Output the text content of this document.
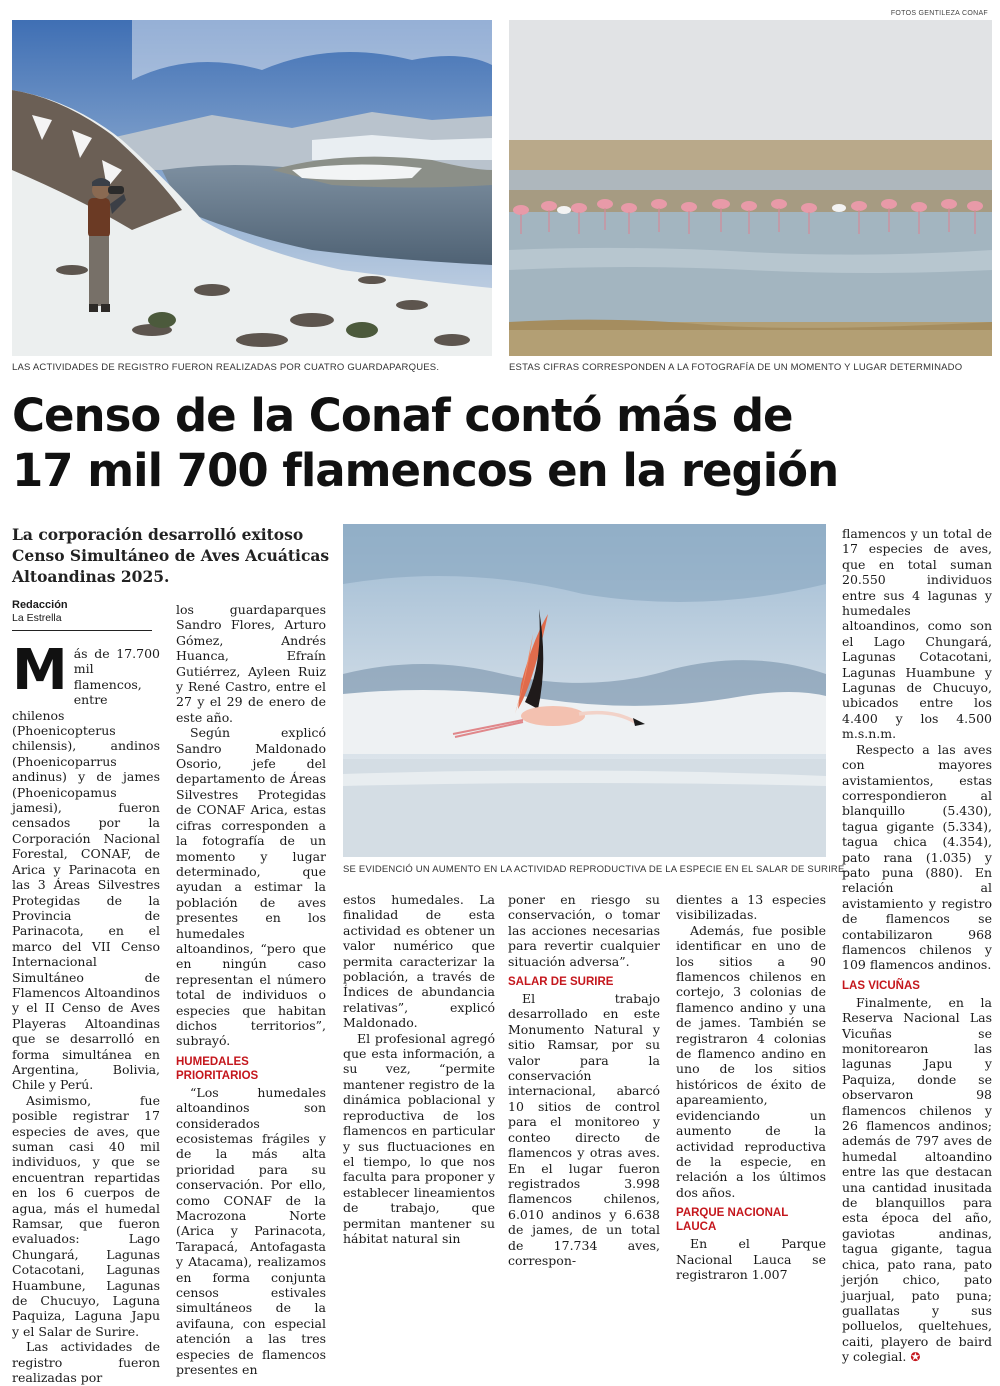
FOTOS GENTILEZA CONAF
LAS ACTIVIDADES DE REGISTRO FUERON REALIZADAS POR CUATRO GUARDAPARQUES.	ESTAS CIFRAS CORRESPONDEN A LA FOTOGRAFÍA DE UN MOMENTO Y LUGAR DETERMINADO
Censo de la Conaf contó más de
17 mil 700 flamencos en la región
La corporación desarrolló exitoso Censo Simultáneo de Aves Acuáticas Altoandinas 2025.
Redacción
La Estrella
SE EVIDENCIÓ UN AUMENTO EN LA ACTIVIDAD REPRODUCTIVA DE LA ESPECIE EN EL SALAR DE SURIRE.

Más de 17.700 mil flamencos, entre chilenos (Phoenicopterus chilensis), andinos (Phoenicoparrus andinus) y de james (Phoenicopamus jamesi), fueron censados por la Corporación Nacional Forestal, CONAF, de Arica y Parinacota en las 3 Áreas Silvestres Protegidas de la Provincia de Parinacota, en el marco del VII Censo Internacional Simultáneo de Flamencos Altoandinos y el II Censo de Aves Playeras Altoandinas que se desarrolló en forma simultánea en Argentina, Bolivia, Chile y Perú.

Asimismo, fue posible registrar 17 especies de aves, que suman casi 40 mil individuos, y que se encuentran repartidas en los 6 cuerpos de agua, más el humedal Ramsar, que fueron evaluados: Lago Chungará, Lagunas Cotacotani, Lagunas Huambune, Lagunas de Chucuyo, Laguna Paquiza, Laguna Japu y el Salar de Surire.

Las actividades de registro fueron realizadas por

los guardaparques Sandro Flores, Arturo Gómez, Andrés Huanca, Efraín Gutiérrez, Ayleen Ruiz y René Castro, entre el 27 y el 29 de enero de este año.

Según explicó Sandro Maldonado Osorio, jefe del departamento de Áreas Silvestres Protegidas de CONAF Arica, estas cifras corresponden a la fotografía de un momento y lugar determinado, que ayudan a estimar la población de aves presentes en los humedales altoandinos, “pero que en ningún caso representan el número total de individuos o especies que habitan dichos territorios”, subrayó.

HUMEDALES PRIORITARIOS

“Los humedales altoandinos son considerados ecosistemas frágiles y de la más alta prioridad para su conservación. Por ello, como CONAF de la Macrozona Norte (Arica y Parinacota, Tarapacá, Antofagasta y Atacama), realizamos en forma conjunta censos estivales simultáneos de la avifauna, con especial atención a las tres especies de flamencos presentes en

estos humedales. La finalidad de esta actividad es obtener un valor numérico que permita caracterizar la población, a través de Índices de abundancia relativas”, explicó Maldonado.

El profesional agregó que esta información, a su vez, “permite mantener registro de la dinámica poblacional y reproductiva de los flamencos en particular y sus fluctuaciones en el tiempo, lo que nos faculta para proponer y establecer lineamientos de trabajo, que permitan mantener su hábitat natural sin

poner en riesgo su conservación, o tomar las acciones necesarias para revertir cualquier situación adversa”.

SALAR DE SURIRE

El trabajo desarrollado en este Monumento Natural y sitio Ramsar, por su valor para la conservación internacional, abarcó 10 sitios de control para el monitoreo y conteo directo de flamencos y otras aves. En el lugar fueron registrados 3.998 flamencos chilenos, 6.010 andinos y 6.638 de james, de un total de 17.734 aves, correspon-

dientes a 13 especies visibilizadas.

Además, fue posible identificar en uno de los sitios a 90 flamencos chilenos en cortejo, 3 colonias de flamenco andino y una de james. También se registraron 4 colonias de flamenco andino en uno de los sitios históricos de éxito de apareamiento, evidenciando un aumento de la actividad reproductiva de la especie, en relación a los últimos dos años.

PARQUE NACIONAL LAUCA

En el Parque Nacional Lauca se registraron 1.007

flamencos y un total de 17 especies de aves, que en total suman 20.550 individuos entre sus 4 lagunas y humedales altoandinos, como son el Lago Chungará, Lagunas Cotacotani, Lagunas Huambune y Lagunas de Chucuyo, ubicados entre los 4.400 y los 4.500 m.s.n.m.

Respecto a las aves con mayores avistamientos, estas correspondieron al blanquillo (5.430), tagua gigante (5.334), tagua chica (4.354), pato rana (1.035) y pato puna (880). En relación al avistamiento y registro de flamencos se contabilizaron 968 flamencos chilenos y 109 flamencos andinos.

LAS VICUÑAS

Finalmente, en la Reserva Nacional Las Vicuñas se monitorearon las lagunas Japu y Paquiza, donde se observaron 98 flamencos chilenos y 26 flamencos andinos; además de 797 aves de humedal altoandino entre las que destacan una cantidad inusitada de blanquillos para esta época del año, gaviotas andinas, tagua gigante, tagua chica, pato rana, pato jerjón chico, pato juarjual, pato puna; guallatas y sus polluelos, queltehues, caiti, playero de baird y colegial. ✪
